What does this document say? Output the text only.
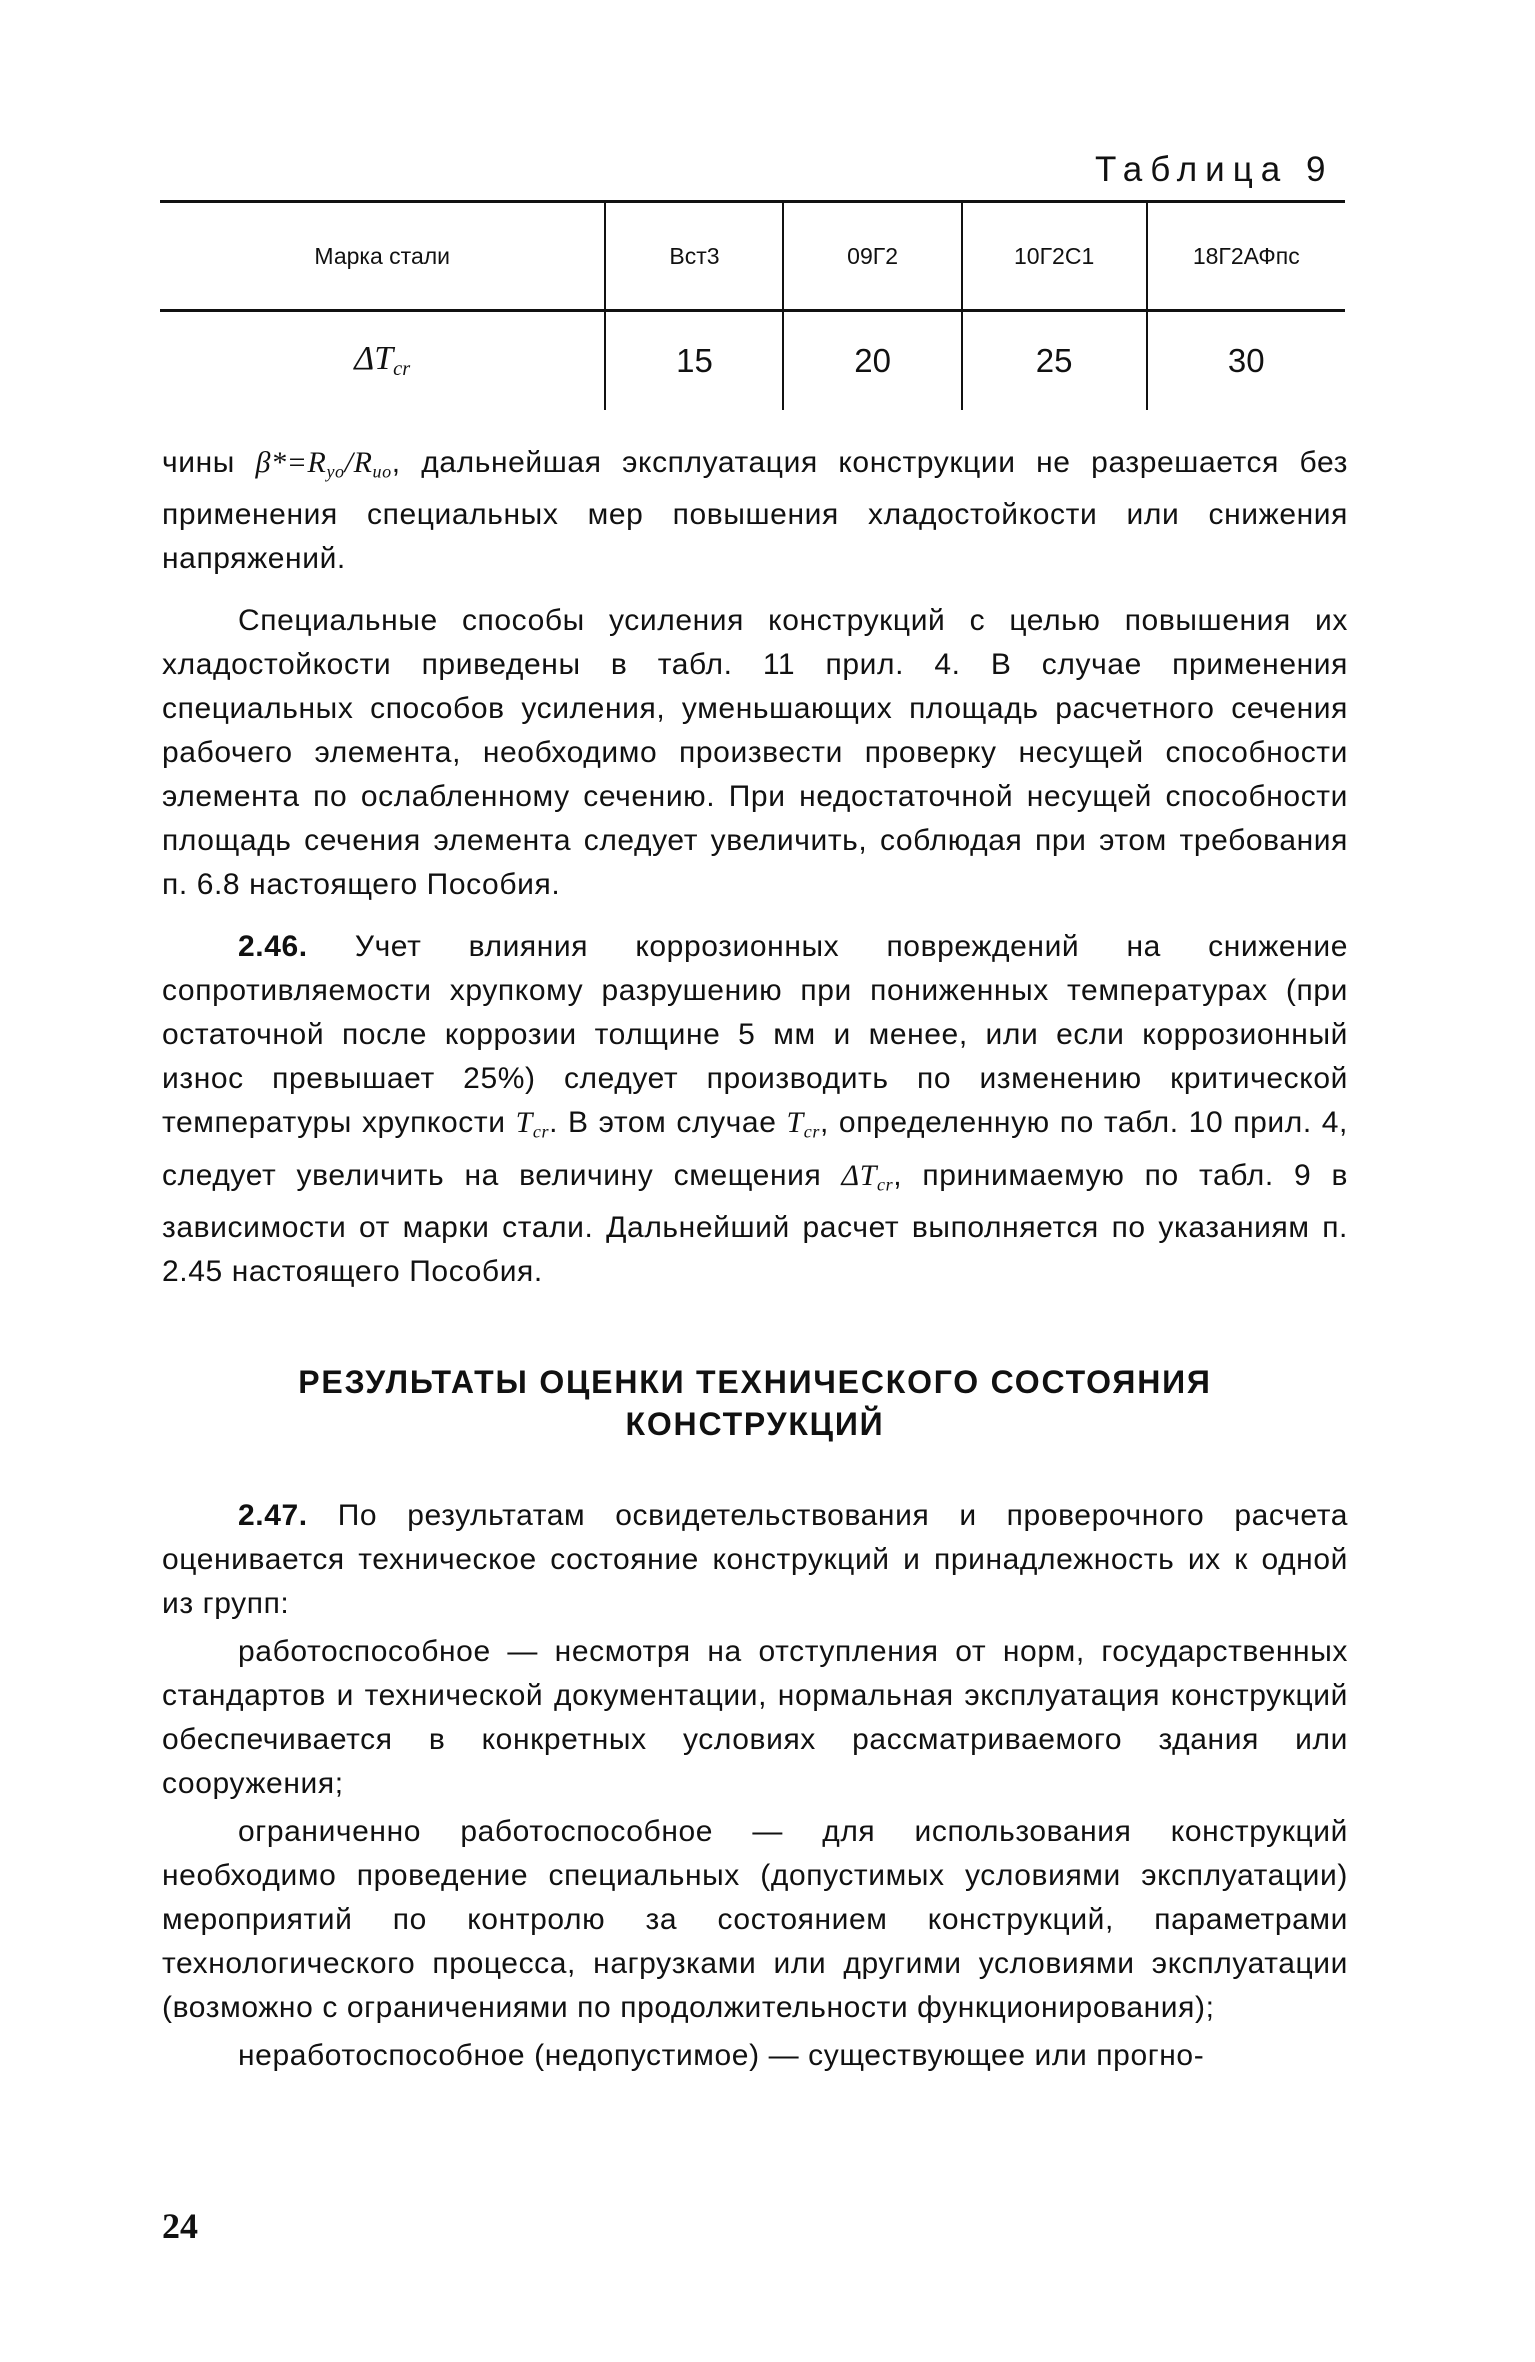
Таблица 9
Марка стали	Вст3	09Г2	10Г2С1	18Г2АФпс
$\Delta T_{cr}$	15	20	25	30

чины $\beta*=R_{yo}/R_{uo}$, дальнейшая эксплуатация конструкции не разрешается без применения специальных мер повышения хладостойкости или снижения напряжений.

Специальные способы усиления конструкций с целью повышения их хладостойкости приведены в табл. 11 прил. 4. В случае применения специальных способов усиления, уменьшающих площадь расчетного сечения рабочего элемента, необходимо произвести проверку несущей способности элемента по ослабленному сечению. При недостаточной несущей способности площадь сечения элемента следует увеличить, соблюдая при этом требования п. 6.8 настоящего Пособия.

2.46. Учет влияния коррозионных повреждений на снижение сопротивляемости хрупкому разрушению при пониженных температурах (при остаточной после коррозии толщине 5 мм и менее, или если коррозионный износ превышает 25%) следует производить по изменению критической температуры хрупкости $T_{cr}$. В этом случае $T_{cr}$, определенную по табл. 10 прил. 4, следует увеличить на величину смещения $\Delta T_{cr}$, принимаемую по табл. 9 в зависимости от марки стали. Дальнейший расчет выполняется по указаниям п. 2.45 настоящего Пособия.

РЕЗУЛЬТАТЫ ОЦЕНКИ ТЕХНИЧЕСКОГО СОСТОЯНИЯ
КОНСТРУКЦИЙ

2.47. По результатам освидетельствования и проверочного расчета оценивается техническое состояние конструкций и принадлежность их к одной из групп:

работоспособное — несмотря на отступления от норм, государственных стандартов и технической документации, нормальная эксплуатация конструкций обеспечивается в конкретных условиях рассматриваемого здания или сооружения;

ограниченно работоспособное — для использования конструкций необходимо проведение специальных (допустимых условиями эксплуатации) мероприятий по контролю за состоянием конструкций, параметрами технологического процесса, нагрузками или другими условиями эксплуатации (возможно с ограничениями по продолжительности функционирования);

неработоспособное (недопустимое) — существующее или прогно-

24
